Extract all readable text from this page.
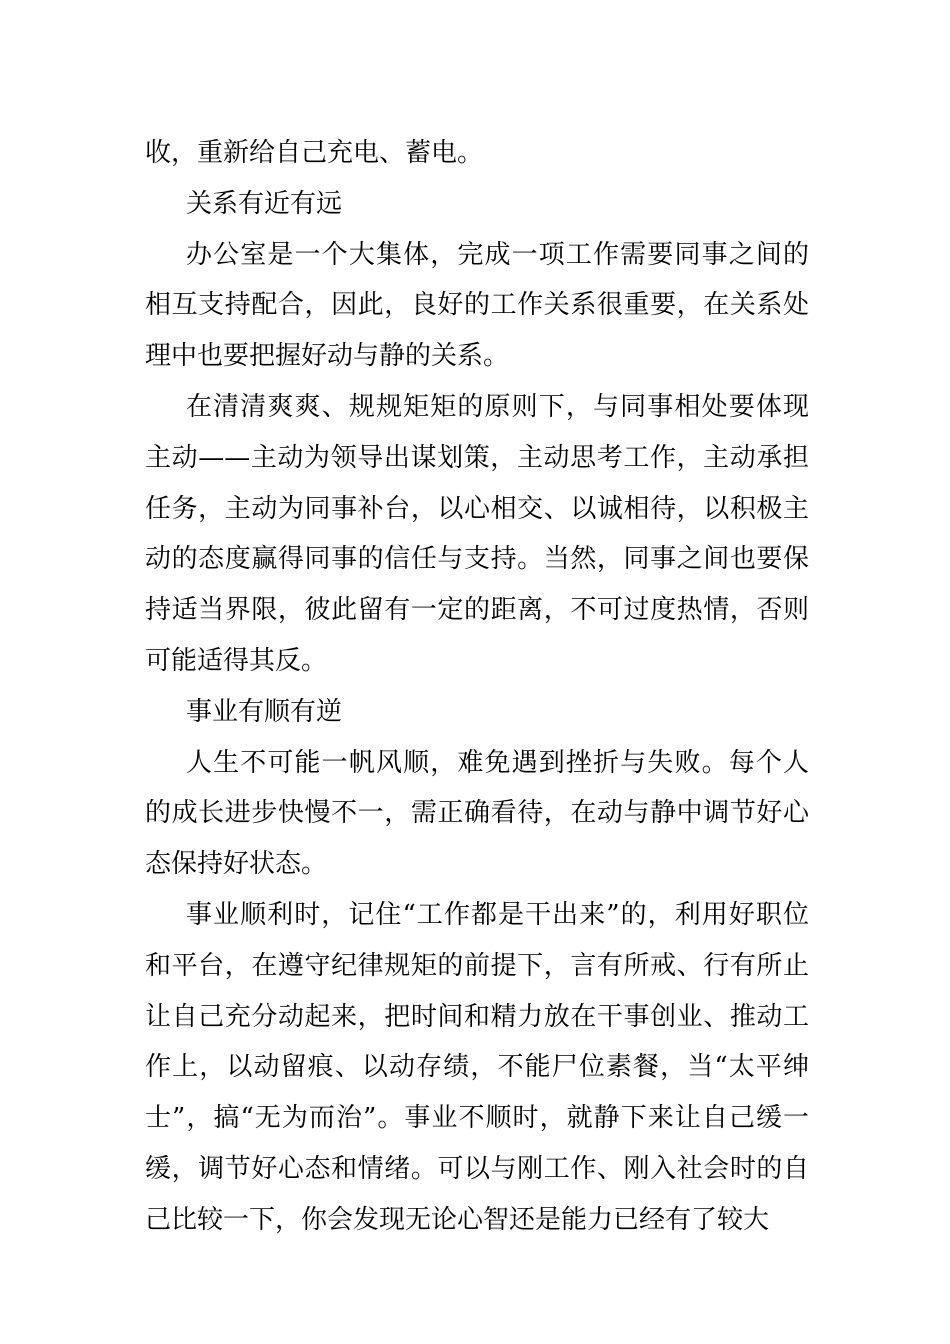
收，重新给自己充电、蓄电。

关系有近有远

办公室是一个大集体，完成一项工作需要同事之间的相互支持配合，因此，良好的工作关系很重要，在关系处理中也要把握好动与静的关系。

在清清爽爽、规规矩矩的原则下，与同事相处要体现主动——主动为领导出谋划策，主动思考工作，主动承担任务，主动为同事补台，以心相交、以诚相待，以积极主动的态度赢得同事的信任与支持。当然，同事之间也要保持适当界限，彼此留有一定的距离，不可过度热情，否则可能适得其反。

事业有顺有逆

人生不可能一帆风顺，难免遇到挫折与失败。每个人的成长进步快慢不一，需正确看待，在动与静中调节好心态保持好状态。

事业顺利时，记住“工作都是干出来”的，利用好职位和平台，在遵守纪律规矩的前提下，言有所戒、行有所止让自己充分动起来，把时间和精力放在干事创业、推动工作上，以动留痕、以动存绩，不能尸位素餐，当“太平绅士”，搞“无为而治”。事业不顺时，就静下来让自己缓一缓，调节好心态和情绪。可以与刚工作、刚入社会时的自己比较一下，你会发现无论心智还是能力已经有了较大
